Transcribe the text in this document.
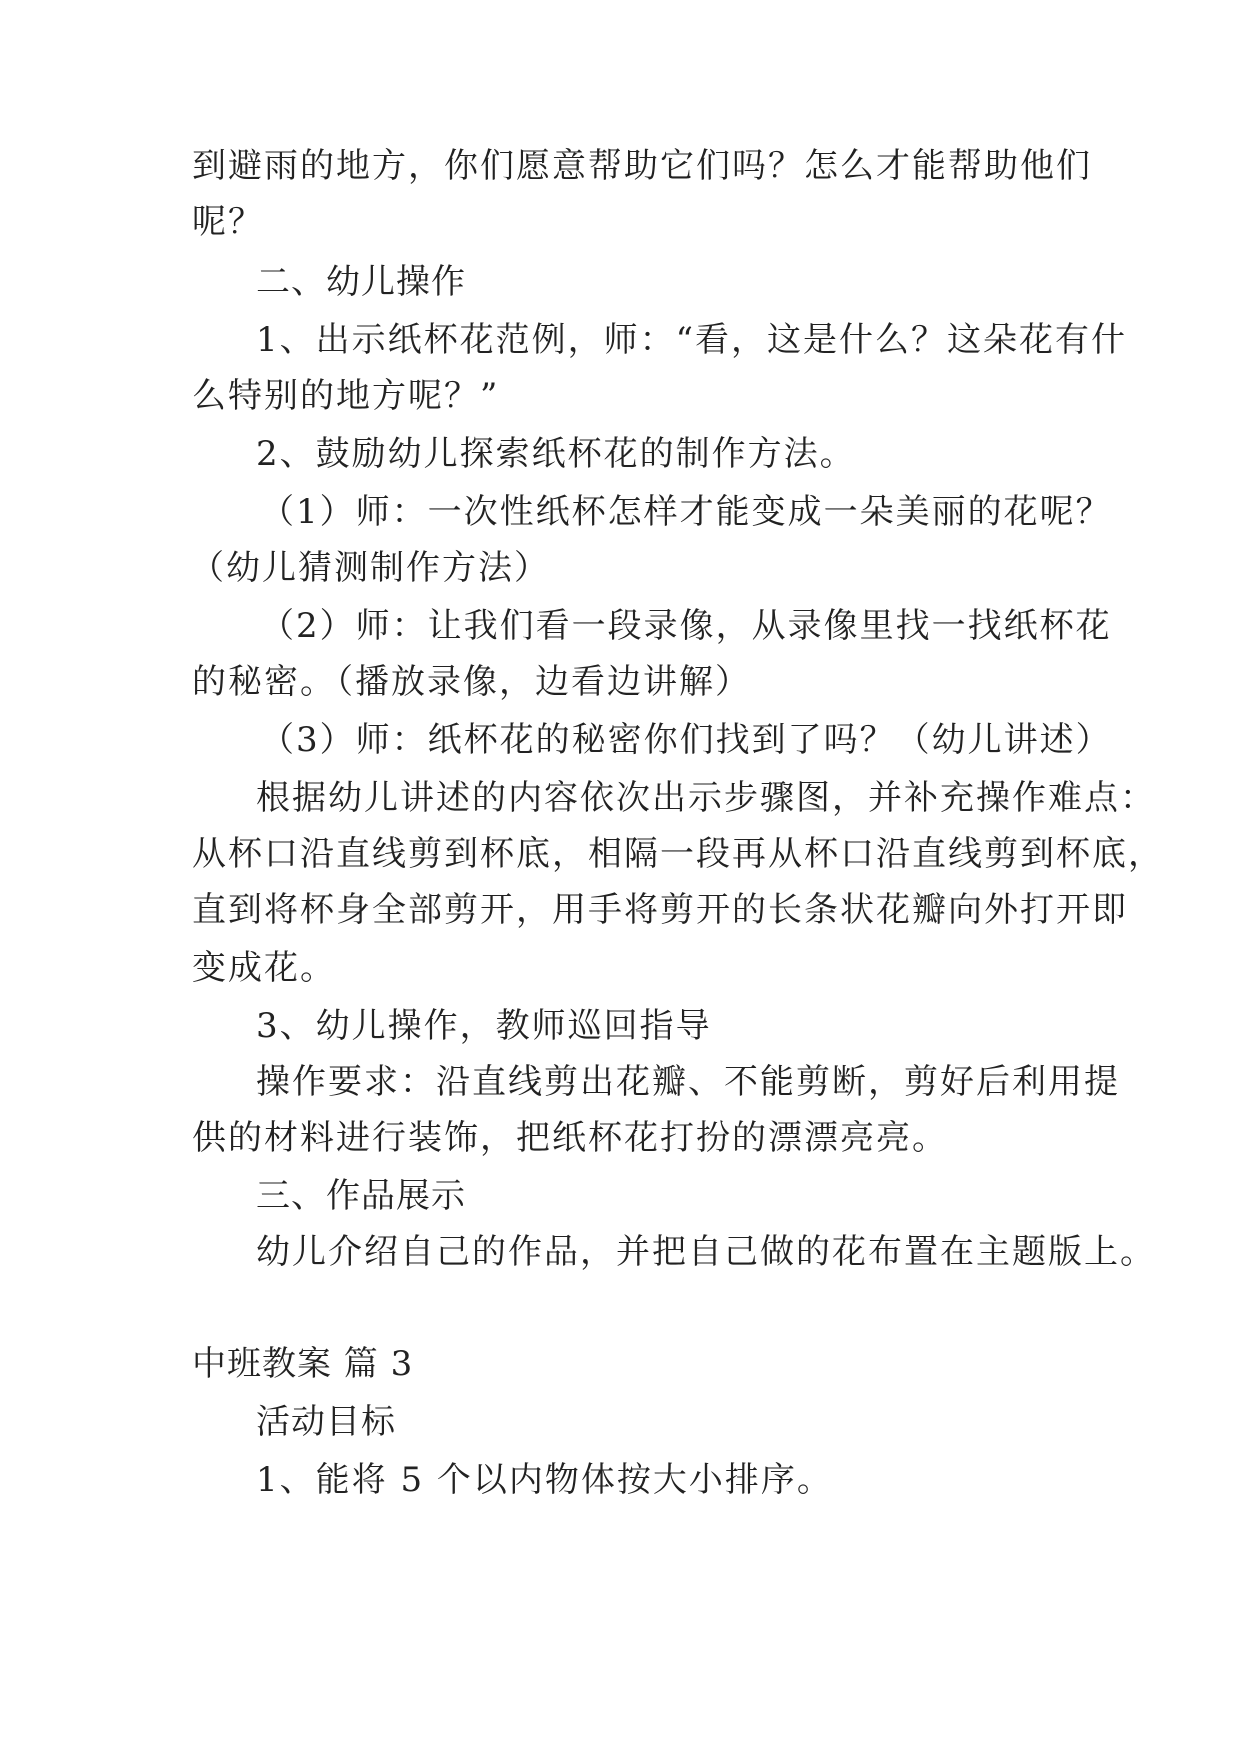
到避雨的地方，你们愿意帮助它们吗？怎么才能帮助他们
呢？
二、幼儿操作
1、出示纸杯花范例，师：“看，这是什么？这朵花有什
么特别的地方呢？”
2、鼓励幼儿探索纸杯花的制作方法。
（1）师：一次性纸杯怎样才能变成一朵美丽的花呢？
（幼儿猜测制作方法）
（2）师：让我们看一段录像，从录像里找一找纸杯花
的秘密。（播放录像，边看边讲解）
（3）师：纸杯花的秘密你们找到了吗？（幼儿讲述）
根据幼儿讲述的内容依次出示步骤图，并补充操作难点：
从杯口沿直线剪到杯底，相隔一段再从杯口沿直线剪到杯底，
直到将杯身全部剪开，用手将剪开的长条状花瓣向外打开即
变成花。
3、幼儿操作，教师巡回指导
操作要求：沿直线剪出花瓣、不能剪断，剪好后利用提
供的材料进行装饰，把纸杯花打扮的漂漂亮亮。
三、作品展示
幼儿介绍自己的作品，并把自己做的花布置在主题版上。
中班教案 篇 3
活动目标
1、能将 5 个以内物体按大小排序。
